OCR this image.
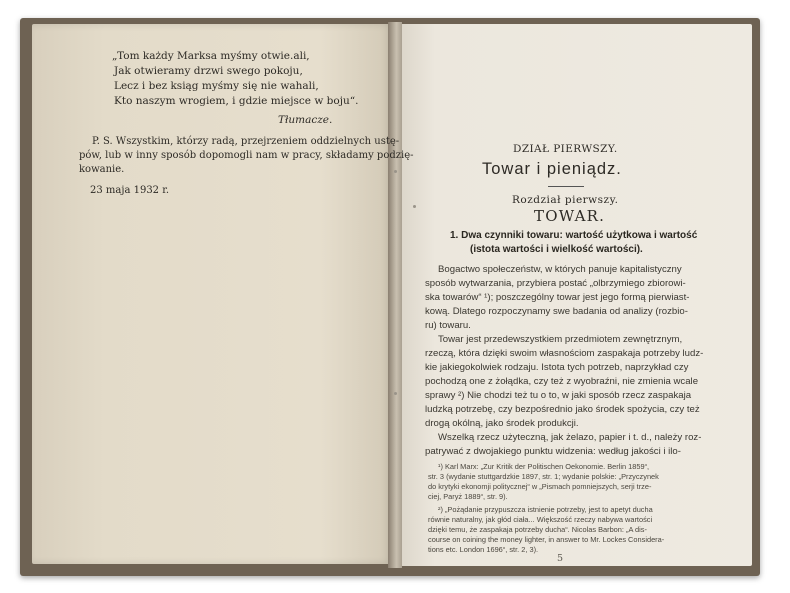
„Tom każdy Marksa myśmy otwie.ali,
Jak otwieramy drzwi swego pokoju,
Lecz i bez ksiąg myśmy się nie wahali,
Kto naszym wrogiem, i gdzie miejsce w boju“.
Tłumacze.
P. S. Wszystkim, którzy radą, przejrzeniem oddzielnych ustę-
pów, lub w inny sposób dopomogli nam w pracy, składamy podzię-
kowanie.
23 maja 1932 r.
DZIAŁ PIERWSZY.
Towar i pieniądz.
Rozdział pierwszy.
TOWAR.
1. Dwa czynniki towaru: wartość użytkowa i wartość
(istota wartości i wielkość wartości).
Bogactwo społeczeństw, w których panuje kapitalistyczny
sposób wytwarzania, przybiera postać „olbrzymiego zbiorowi-
ska towarów“ ¹); poszczególny towar jest jego formą pierwiast-
kową. Dlatego rozpoczynamy swe badania od analizy (rozbio-
ru) towaru.
Towar jest przedewszystkiem przedmiotem zewnętrznym,
rzeczą, która dzięki swoim własnościom zaspakaja potrzeby ludz-
kie jakiegokolwiek rodzaju. Istota tych potrzeb, naprzykład czy
pochodzą one z żołądka, czy też z wyobraźni, nie zmienia wcale
sprawy ²) Nie chodzi też tu o to, w jaki sposób rzecz zaspakaja
ludzką potrzebę, czy bezpośrednio jako środek spożycia, czy też
drogą okólną, jako środek produkcji.
Wszelką rzecz użyteczną, jak żelazo, papier i t. d., należy roz-
patrywać z dwojakiego punktu widzenia: według jakości i ilo-
¹) Karl Marx: „Zur Kritik der Politischen Oekonomie. Berlin 1859“,
str. 3 (wydanie stuttgardzkie 1897, str. 1; wydanie polskie: „Przyczynek
do krytyki ekonomji politycznej“ w „Pismach pomniejszych, serji trze-
ciej, Paryż 1889“, str. 9).
²) „Pożądanie przypuszcza istnienie potrzeby, jest to apetyt ducha
równie naturalny, jak głód ciała... Większość rzeczy nabywa wartości
dzięki temu, że zaspakaja potrzeby ducha“. Nicolas Barbon: „A dis-
course on coining the money lighter, in answer to Mr. Lockes Considera-
tions etc. London 1696“, str. 2, 3).
5
